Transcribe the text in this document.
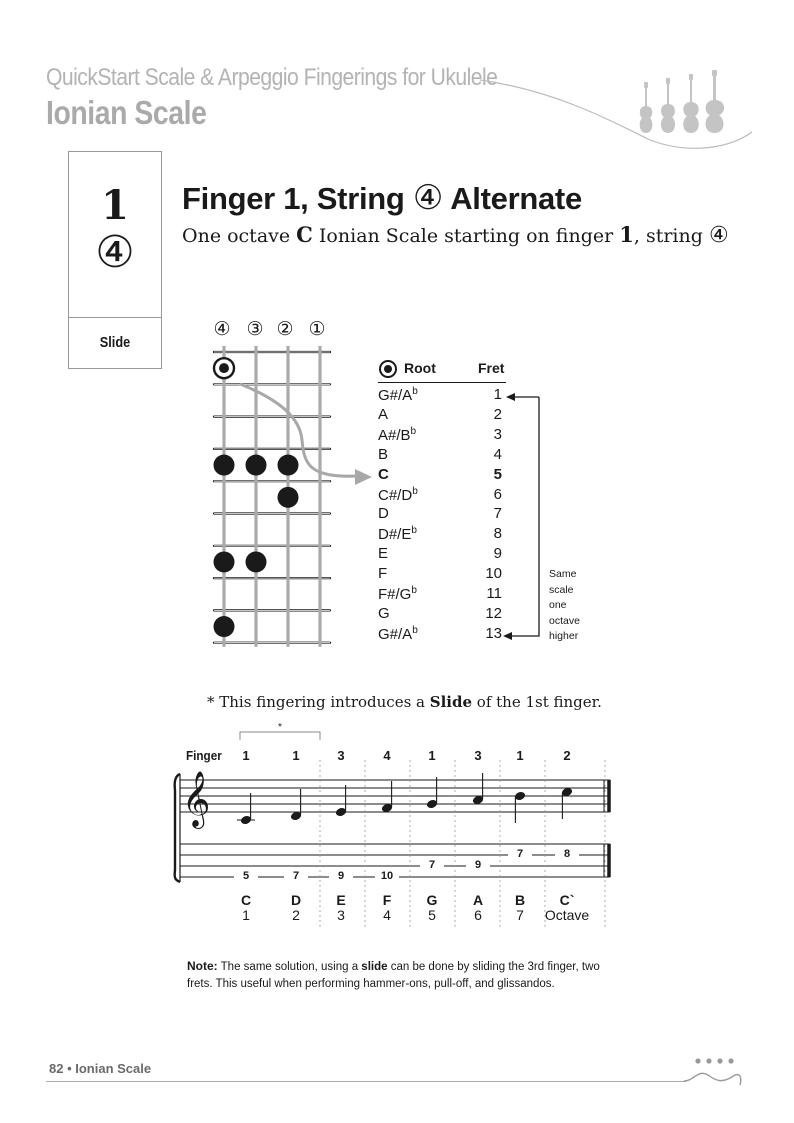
QuickStart Scale & Arpeggio Fingerings for Ukulele
Ionian Scale
1
④
Slide
Finger 1, String ④ Alternate
One octave C Ionian Scale starting on finger 1, string ④
④ ③ ② ①
Root	Fret
$G\#/A^b$	1
A	2
$A\#/B^b$	3
B	4
C	5
$C\#/D^b$	6
D	7
$D\#/E^b$	8
E	9
F	10
$F\#/G^b$	11
G	12
$G\#/A^b$	13
Same
scale
one
octave
higher
* This fingering introduces a Slide of the 1st finger.
*
Finger	1	1	3	4	1	3	1	2
𝄞
5	7	9	10
7	9
7	8
C	D	E	F	G	A	B	C`
1	2	3	4	5	6	7	Octave
Note: The same solution, using a slide can be done by sliding the 3rd finger, two frets. This useful when performing hammer-ons, pull-off, and glissandos.
82 • Ionian Scale
